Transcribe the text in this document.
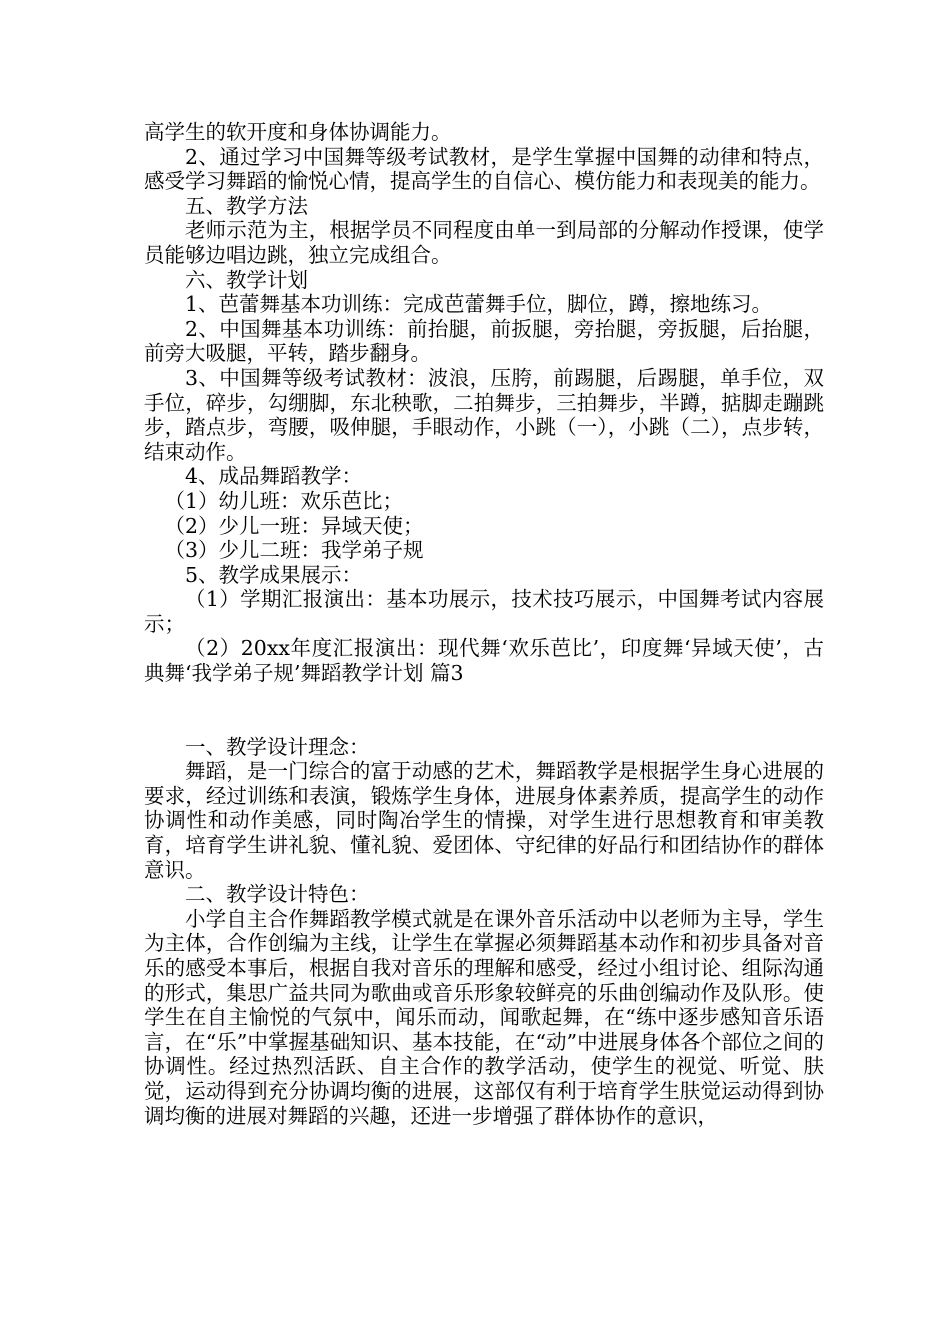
高学生的软开度和身体协调能力。

2、通过学习中国舞等级考试教材，是学生掌握中国舞的动律和特点，感受学习舞蹈的愉悦心情，提高学生的自信心、模仿能力和表现美的能力。

五、教学方法

老师示范为主，根据学员不同程度由单一到局部的分解动作授课，使学员能够边唱边跳，独立完成组合。

六、教学计划

1、芭蕾舞基本功训练：完成芭蕾舞手位，脚位，蹲，擦地练习。

2、中国舞基本功训练：前抬腿，前扳腿，旁抬腿，旁扳腿，后抬腿，前旁大吸腿，平转，踏步翻身。

3、中国舞等级考试教材：波浪，压胯，前踢腿，后踢腿，单手位，双手位，碎步，勾绷脚，东北秧歌，二拍舞步，三拍舞步，半蹲，掂脚走蹦跳步，踏点步，弯腰，吸伸腿，手眼动作，小跳（一），小跳（二），点步转，结束动作。

4、成品舞蹈教学：

（1）幼儿班：欢乐芭比；

（2）少儿一班：异域天使；

（3）少儿二班：我学弟子规

5、教学成果展示：

（1）学期汇报演出：基本功展示，技术技巧展示，中国舞考试内容展示；

（2）20xx年度汇报演出：现代舞‘欢乐芭比’，印度舞‘异域天使’，古典舞‘我学弟子规’舞蹈教学计划 篇3

一、教学设计理念：

舞蹈，是一门综合的富于动感的艺术，舞蹈教学是根据学生身心进展的要求，经过训练和表演，锻炼学生身体，进展身体素养质，提高学生的动作协调性和动作美感，同时陶冶学生的情操，对学生进行思想教育和审美教育，培育学生讲礼貌、懂礼貌、爱团体、守纪律的好品行和团结协作的群体意识。

二、教学设计特色：

小学自主合作舞蹈教学模式就是在课外音乐活动中以老师为主导，学生为主体，合作创编为主线，让学生在掌握必须舞蹈基本动作和初步具备对音乐的感受本事后，根据自我对音乐的理解和感受，经过小组讨论、组际沟通的形式，集思广益共同为歌曲或音乐形象较鲜亮的乐曲创编动作及队形。使学生在自主愉悦的气氛中，闻乐而动，闻歌起舞，在“练中逐步感知音乐语言，在“乐”中掌握基础知识、基本技能，在“动”中进展身体各个部位之间的协调性。经过热烈活跃、自主合作的教学活动，使学生的视觉、听觉、肤觉，运动得到充分协调均衡的进展，这部仅有利于培育学生肤觉运动得到协调均衡的进展对舞蹈的兴趣，还进一步增强了群体协作的意识，
